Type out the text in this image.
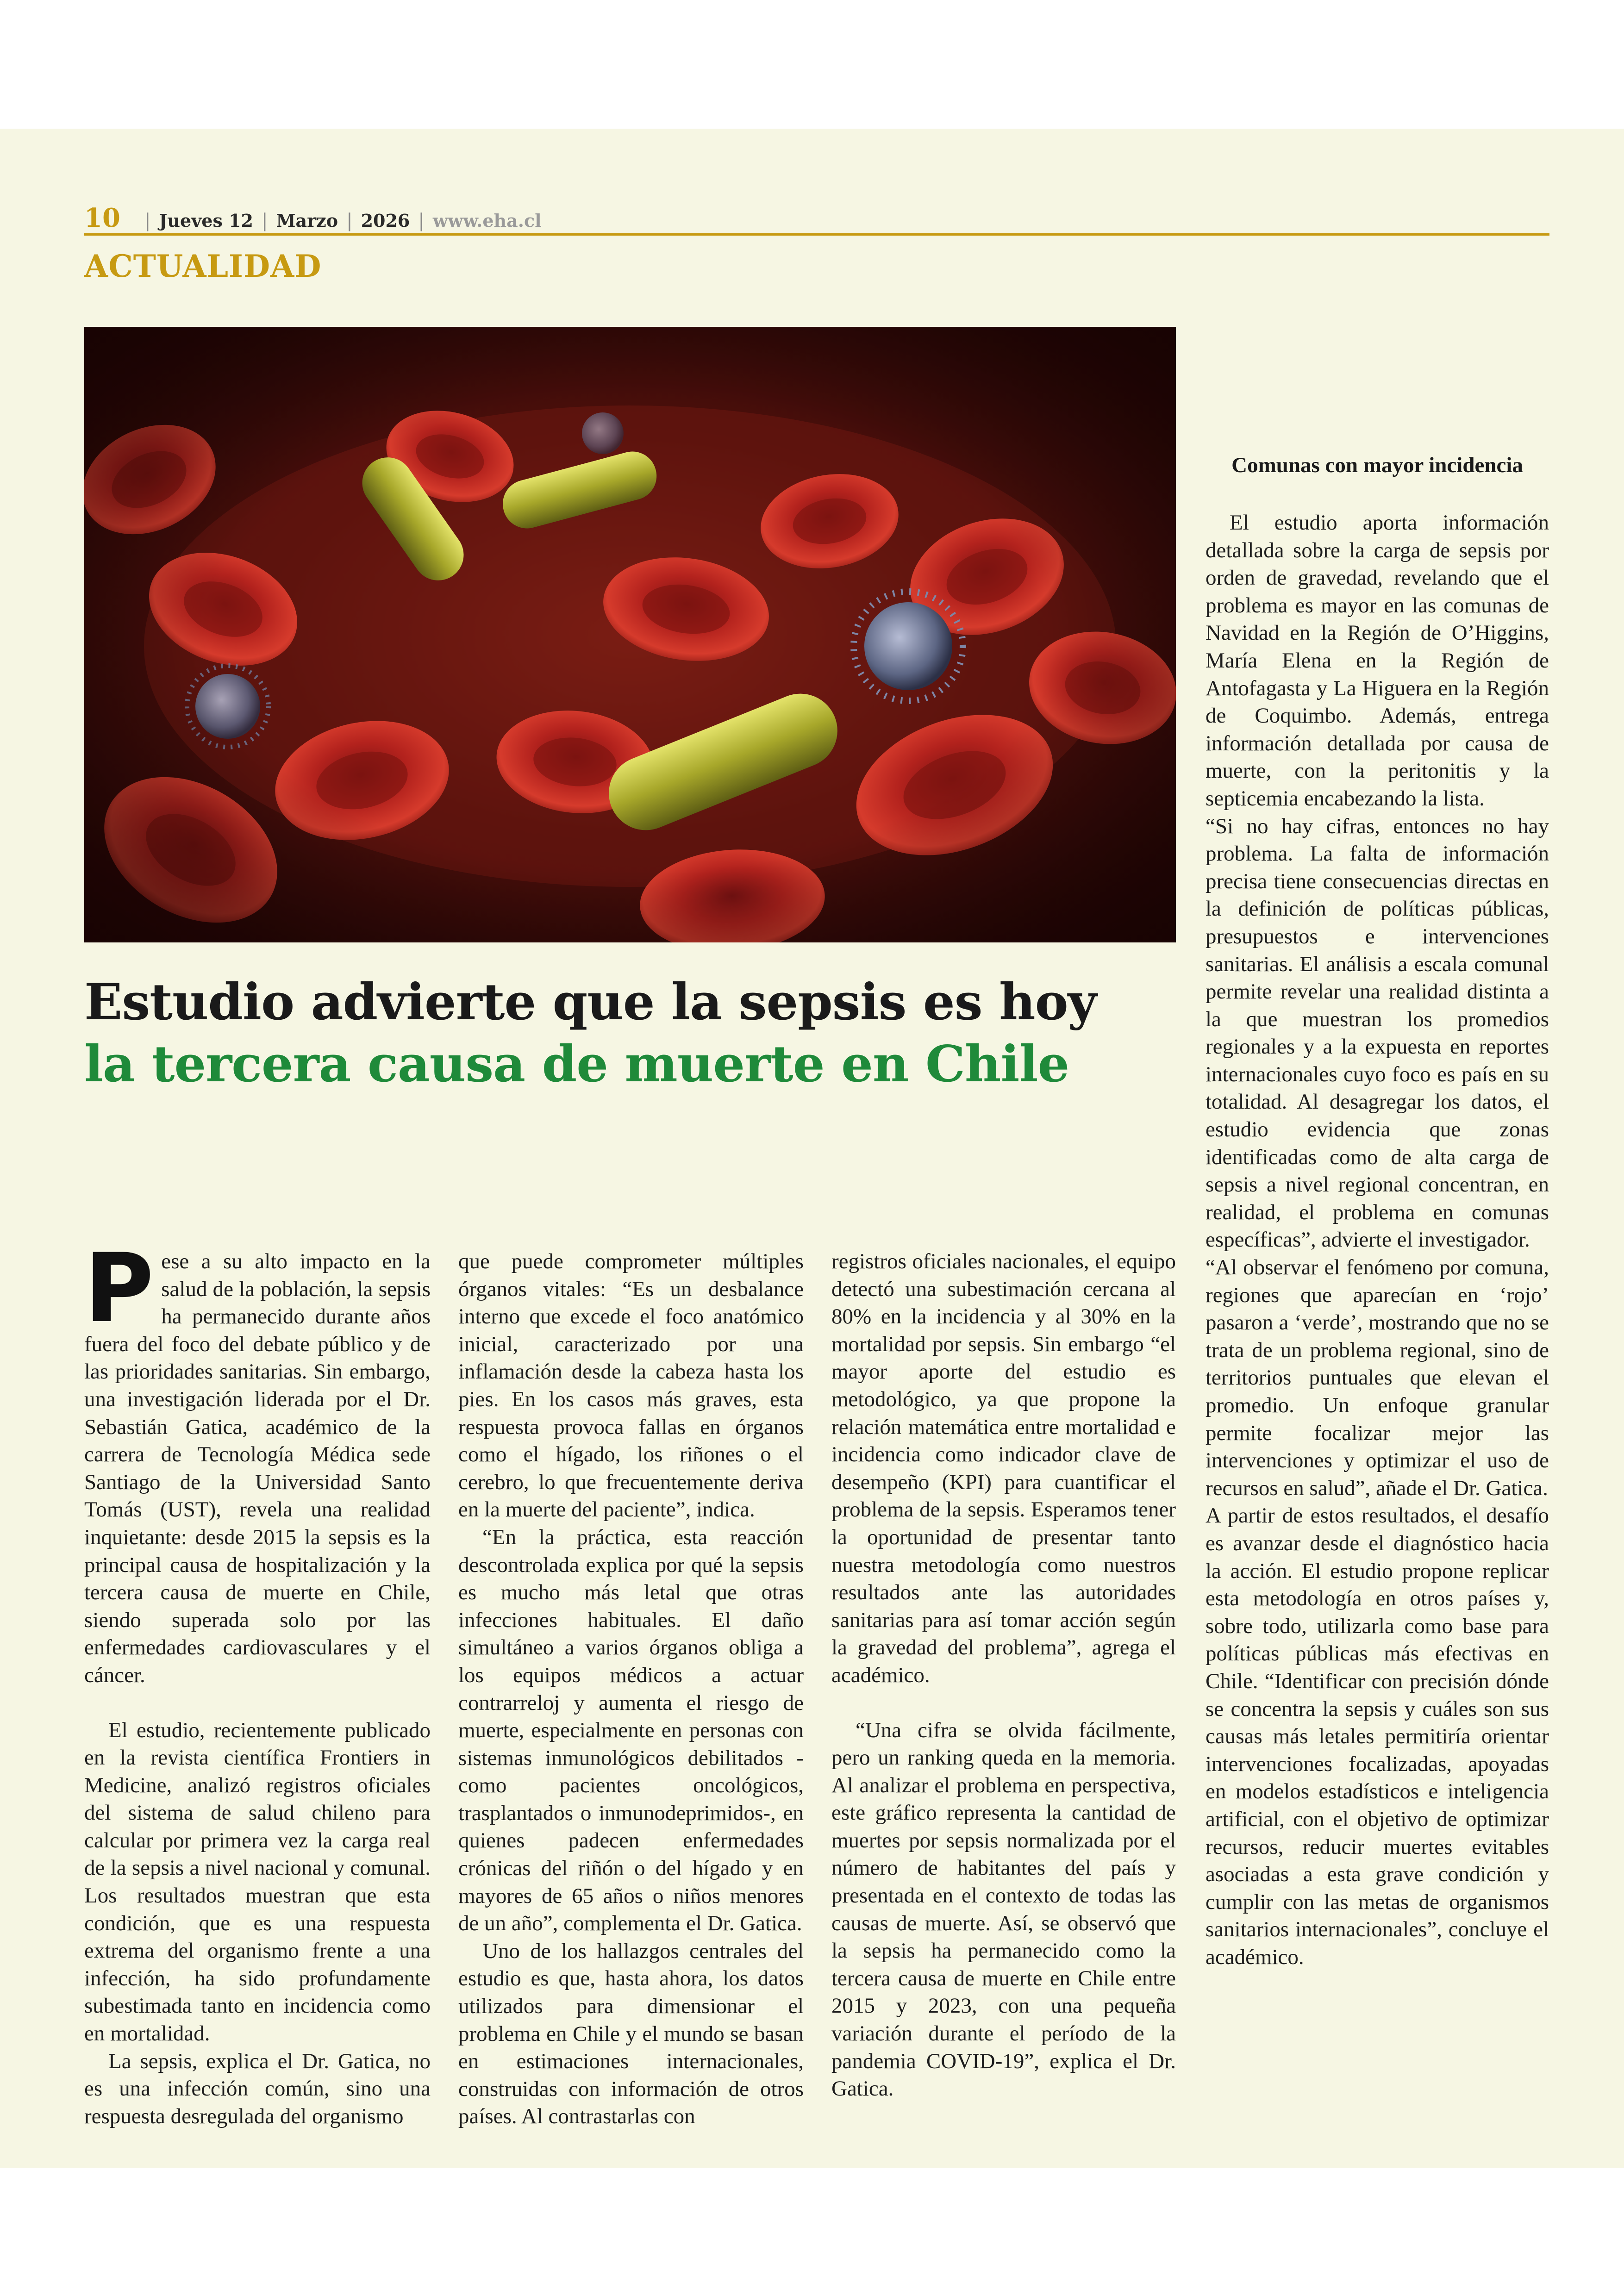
10 | Jueves 12 | Marzo | 2026 | www.eha.cl
ACTUALIDAD
Estudio advierte que la sepsis es hoy
la tercera causa de muerte en Chile
P ese a su alto impacto en la salud de la población, la sepsis ha permanecido durante años fuera del foco del debate público y de las prioridades sanitarias. Sin embargo, una investigación liderada por el Dr. Sebastián Gatica, académico de la carrera de Tecnología Médica sede Santiago de la Universidad Santo Tomás (UST), revela una realidad inquietante: desde 2015 la sepsis es la principal causa de hospitalización y la tercera causa de muerte en Chile, siendo superada solo por las enfermedades cardiovasculares y el cáncer.

El estudio, recientemente publicado en la revista científica Frontiers in Medicine, analizó registros oficiales del sistema de salud chileno para calcular por primera vez la carga real de la sepsis a nivel nacional y comunal. Los resultados muestran que esta condición, que es una respuesta extrema del organismo frente a una infección, ha sido profundamente subestimada tanto en incidencia como en mortalidad.

La sepsis, explica el Dr. Gatica, no es una infección común, sino una respuesta desregulada del organismo

que puede comprometer múltiples órganos vitales: “Es un desbalance interno que excede el foco anatómico inicial, caracterizado por una inflamación desde la cabeza hasta los pies. En los casos más graves, esta respuesta provoca fallas en órganos como el hígado, los riñones o el cerebro, lo que frecuentemente deriva en la muerte del paciente”, indica.

“En la práctica, esta reacción descontrolada explica por qué la sepsis es mucho más letal que otras infecciones habituales. El daño simultáneo a varios órganos obliga a los equipos médicos a actuar contrarreloj y aumenta el riesgo de muerte, especialmente en personas con sistemas inmunológicos debilitados -como pacientes oncológicos, trasplantados o inmunodeprimidos-, en quienes padecen enfermedades crónicas del riñón o del hígado y en mayores de 65 años o niños menores de un año”, complementa el Dr. Gatica.

Uno de los hallazgos centrales del estudio es que, hasta ahora, los datos utilizados para dimensionar el problema en Chile y el mundo se basan en estimaciones internacionales, construidas con información de otros países. Al contrastarlas con

registros oficiales nacionales, el equipo detectó una subestimación cercana al 80% en la incidencia y al 30% en la mortalidad por sepsis. Sin embargo “el mayor aporte del estudio es metodológico, ya que propone la relación matemática entre mortalidad e incidencia como indicador clave de desempeño (KPI) para cuantificar el problema de la sepsis. Esperamos tener la oportunidad de presentar tanto nuestra metodología como nuestros resultados ante las autoridades sanitarias para así tomar acción según la gravedad del problema”, agrega el académico.

“Una cifra se olvida fácilmente, pero un ranking queda en la memoria. Al analizar el problema en perspectiva, este gráfico representa la cantidad de muertes por sepsis normalizada por el número de habitantes del país y presentada en el contexto de todas las causas de muerte. Así, se observó que la sepsis ha permanecido como la tercera causa de muerte en Chile entre 2015 y 2023, con una pequeña variación durante el período de la pandemia COVID-19”, explica el Dr. Gatica.

Comunas con mayor incidencia

El estudio aporta información detallada sobre la carga de sepsis por orden de gravedad, revelando que el problema es mayor en las comunas de Navidad en la Región de O’Higgins, María Elena en la Región de Antofagasta y La Higuera en la Región de Coquimbo. Además, entrega información detallada por causa de muerte, con la peritonitis y la septicemia encabezando la lista.

“Si no hay cifras, entonces no hay problema. La falta de información precisa tiene consecuencias directas en la definición de políticas públicas, presupuestos e intervenciones sanitarias. El análisis a escala comunal permite revelar una realidad distinta a la que muestran los promedios regionales y a la expuesta en reportes internacionales cuyo foco es país en su totalidad. Al desagregar los datos, el estudio evidencia que zonas identificadas como de alta carga de sepsis a nivel regional concentran, en realidad, el problema en comunas específicas”, advierte el investigador.

“Al observar el fenómeno por comuna, regiones que aparecían en ‘rojo’ pasaron a ‘verde’, mostrando que no se trata de un problema regional, sino de territorios puntuales que elevan el promedio. Un enfoque granular permite focalizar mejor las intervenciones y optimizar el uso de recursos en salud”, añade el Dr. Gatica.

A partir de estos resultados, el desafío es avanzar desde el diagnóstico hacia la acción. El estudio propone replicar esta metodología en otros países y, sobre todo, utilizarla como base para políticas públicas más efectivas en Chile. “Identificar con precisión dónde se concentra la sepsis y cuáles son sus causas más letales permitiría orientar intervenciones focalizadas, apoyadas en modelos estadísticos e inteligencia artificial, con el objetivo de optimizar recursos, reducir muertes evitables asociadas a esta grave condición y cumplir con las metas de organismos sanitarios internacionales”, concluye el académico.
